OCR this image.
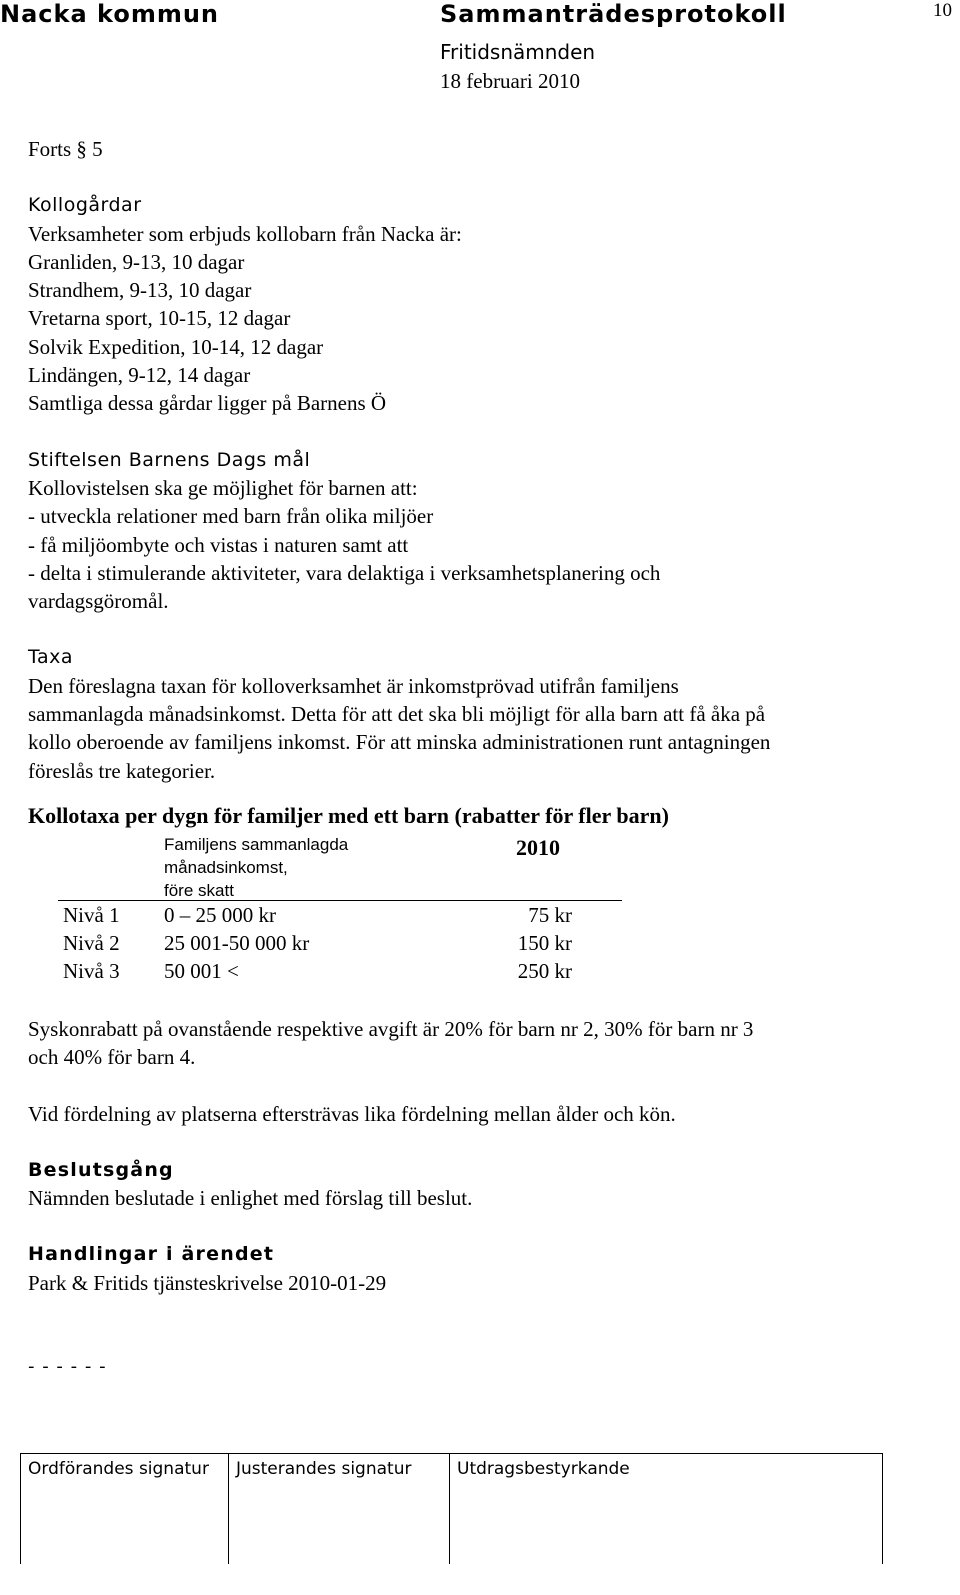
Nacka kommun	Sammanträdesprotokoll	10
Fritidsnämnden
18 februari 2010
Forts § 5
Kollogårdar
Verksamheter som erbjuds kollobarn från Nacka är:
Granliden, 9-13, 10 dagar
Strandhem, 9-13, 10 dagar
Vretarna sport, 10-15, 12 dagar
Solvik Expedition, 10-14, 12 dagar
Lindängen, 9-12, 14 dagar
Samtliga dessa gårdar ligger på Barnens Ö
Stiftelsen Barnens Dags mål
Kollovistelsen ska ge möjlighet för barnen att:
- utveckla relationer med barn från olika miljöer
- få miljöombyte och vistas i naturen samt att
- delta i stimulerande aktiviteter, vara delaktiga i verksamhetsplanering och
vardagsgöromål.
Taxa
Den föreslagna taxan för kolloverksamhet är inkomstprövad utifrån familjens
sammanlagda månadsinkomst. Detta för att det ska bli möjligt för alla barn att få åka på
kollo oberoende av familjens inkomst. För att minska administrationen runt antagningen
föreslås tre kategorier.
Kollotaxa per dygn för familjer med ett barn (rabatter för fler barn)
Familjens sammanlagda
månadsinkomst,
före skatt
2010
Nivå 1 0 – 25 000 kr	75 kr
Nivå 2 25 001-50 000 kr	150 kr
Nivå 3 50 001 <	250 kr
Syskonrabatt på ovanstående respektive avgift är 20% för barn nr 2, 30% för barn nr 3
och 40% för barn 4.
Vid fördelning av platserna eftersträvas lika fördelning mellan ålder och kön.
Beslutsgång
Nämnden beslutade i enlighet med förslag till beslut.
Handlingar i ärendet
Park & Fritids tjänsteskrivelse 2010-01-29
- - - - - -
Ordförandes signatur Justerandes signatur	Utdragsbestyrkande
